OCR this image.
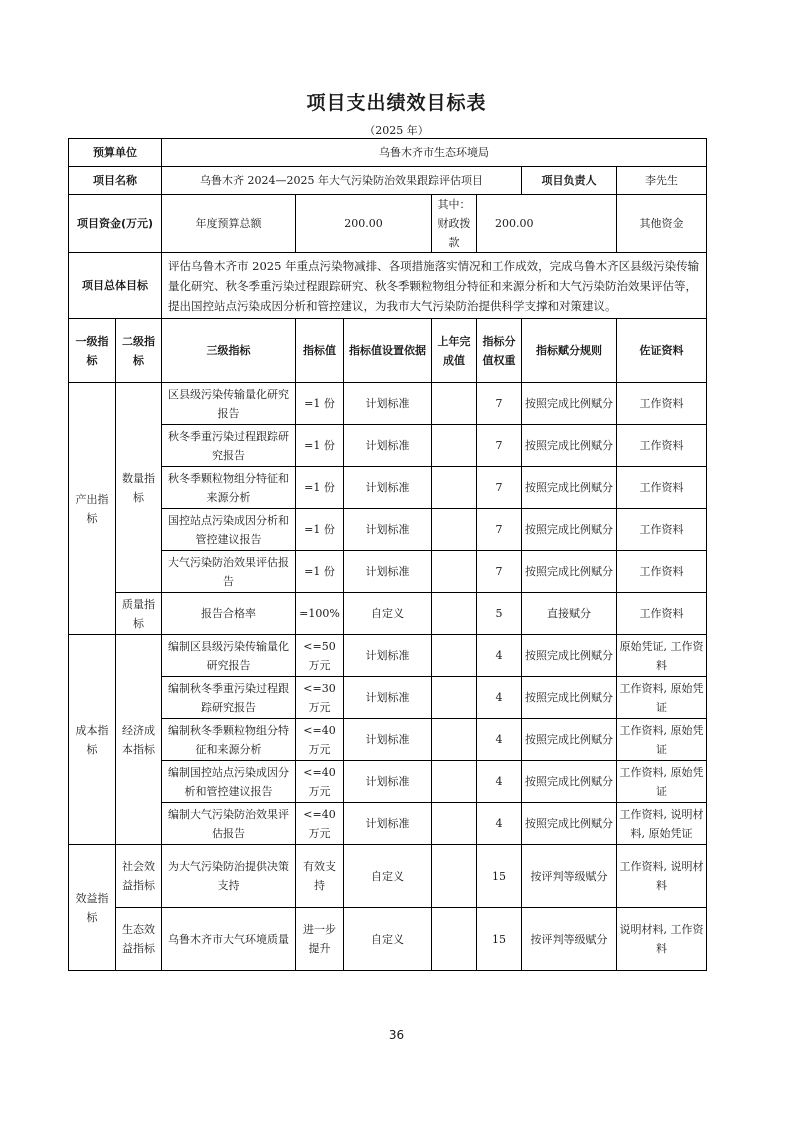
项目支出绩效目标表
（2025 年）
预算单位		乌鲁木齐市生态环境局						
项目名称		乌鲁木齐 2024—2025 年大气污染防治效果跟踪评估项目					项目负责人	李先生
项目资金(万元)		年度预算总额	200.00		其中：财政拨款	200.00		其他资金

项目总体目标		评估乌鲁木齐市 2025 年重点污染物减排、各项措施落实情况和工作成效，完成乌鲁木齐区县级污染传输量化研究、秋冬季重污染过程跟踪研究、秋冬季颗粒物组分特征和来源分析和大气污染防治效果评估等，提出国控站点污染成因分析和管控建议，为我市大气污染防治提供科学支撑和对策建议。						
一级指标	二级指标	三级指标	指标值	指标值设置依据	上年完成值	指标分值权重	指标赋分规则	佐证资料
产出指标	数量指标	区县级污染传输量化研究报告	=1 份	计划标准		7	按照完成比例赋分	工作资料
		秋冬季重污染过程跟踪研究报告	=1 份	计划标准		7	按照完成比例赋分	工作资料
		秋冬季颗粒物组分特征和来源分析	=1 份	计划标准		7	按照完成比例赋分	工作资料
		国控站点污染成因分析和管控建议报告	=1 份	计划标准		7	按照完成比例赋分	工作资料
		大气污染防治效果评估报告	=1 份	计划标准		7	按照完成比例赋分	工作资料
	质量指标	报告合格率	=100%	自定义		5	直接赋分	工作资料
成本指标	经济成本指标	编制区县级污染传输量化研究报告	<=50 万元	计划标准		4	按照完成比例赋分	原始凭证, 工作资料
		编制秋冬季重污染过程跟踪研究报告	<=30 万元	计划标准		4	按照完成比例赋分	工作资料, 原始凭证
		编制秋冬季颗粒物组分特征和来源分析	<=40 万元	计划标准		4	按照完成比例赋分	工作资料, 原始凭证
		编制国控站点污染成因分析和管控建议报告	<=40 万元	计划标准		4	按照完成比例赋分	工作资料, 原始凭证
		编制大气污染防治效果评估报告	<=40 万元	计划标准		4	按照完成比例赋分	工作资料, 说明材料, 原始凭证
效益指标	社会效益指标	为大气污染防治提供决策支持	有效支持	自定义		15	按评判等级赋分	工作资料, 说明材料
	生态效益指标	乌鲁木齐市大气环境质量	进一步提升	自定义		15	按评判等级赋分	说明材料, 工作资料
36
